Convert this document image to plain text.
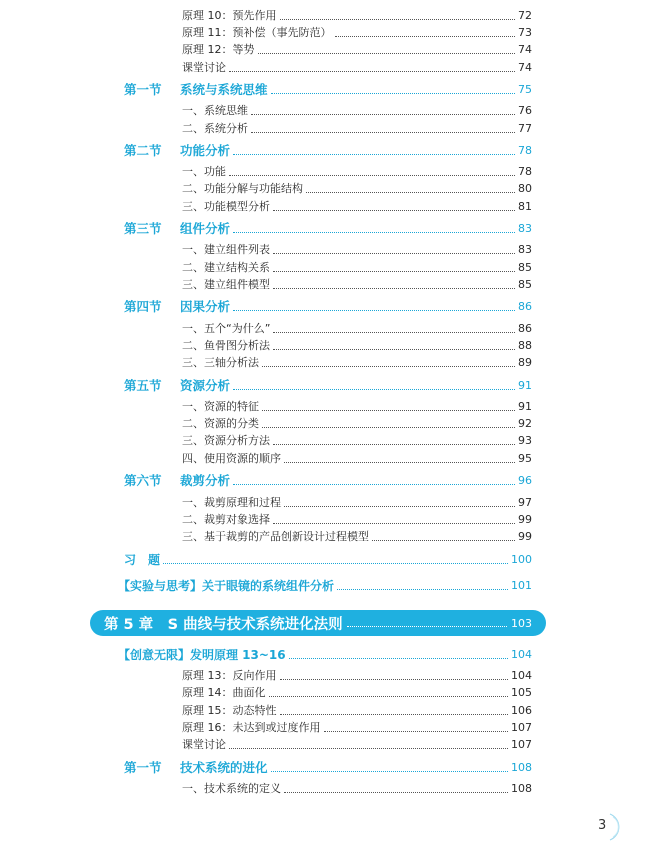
原理 10：预先作用	72
原理 11：预补偿（事先防范）	73
原理 12：等势	74
课堂讨论	74
第一节	系统与系统思维	75
一、系统思维	76
二、系统分析	77
第二节	功能分析	78
一、功能	78
二、功能分解与功能结构	80
三、功能模型分析	81
第三节	组件分析	83
一、建立组件列表	83
二、建立结构关系	85
三、建立组件模型	85
第四节	因果分析	86
一、五个“为什么”	86
二、鱼骨图分析法	88
三、三轴分析法	89
第五节	资源分析	91
一、资源的特征	91
二、资源的分类	92
三、资源分析方法	93
四、使用资源的顺序	95
第六节	裁剪分析	96
一、裁剪原理和过程	97
二、裁剪对象选择	99
三、基于裁剪的产品创新设计过程模型	99
习　题	100
【实验与思考】关于眼镜的系统组件分析	101
第 5 章　S 曲线与技术系统进化法则	103
【创意无限】发明原理 13~16	104
原理 13：反向作用	104
原理 14：曲面化	105
原理 15：动态特性	106
原理 16：未达到或过度作用	107
课堂讨论	107
第一节	技术系统的进化	108
一、技术系统的定义	108
3
